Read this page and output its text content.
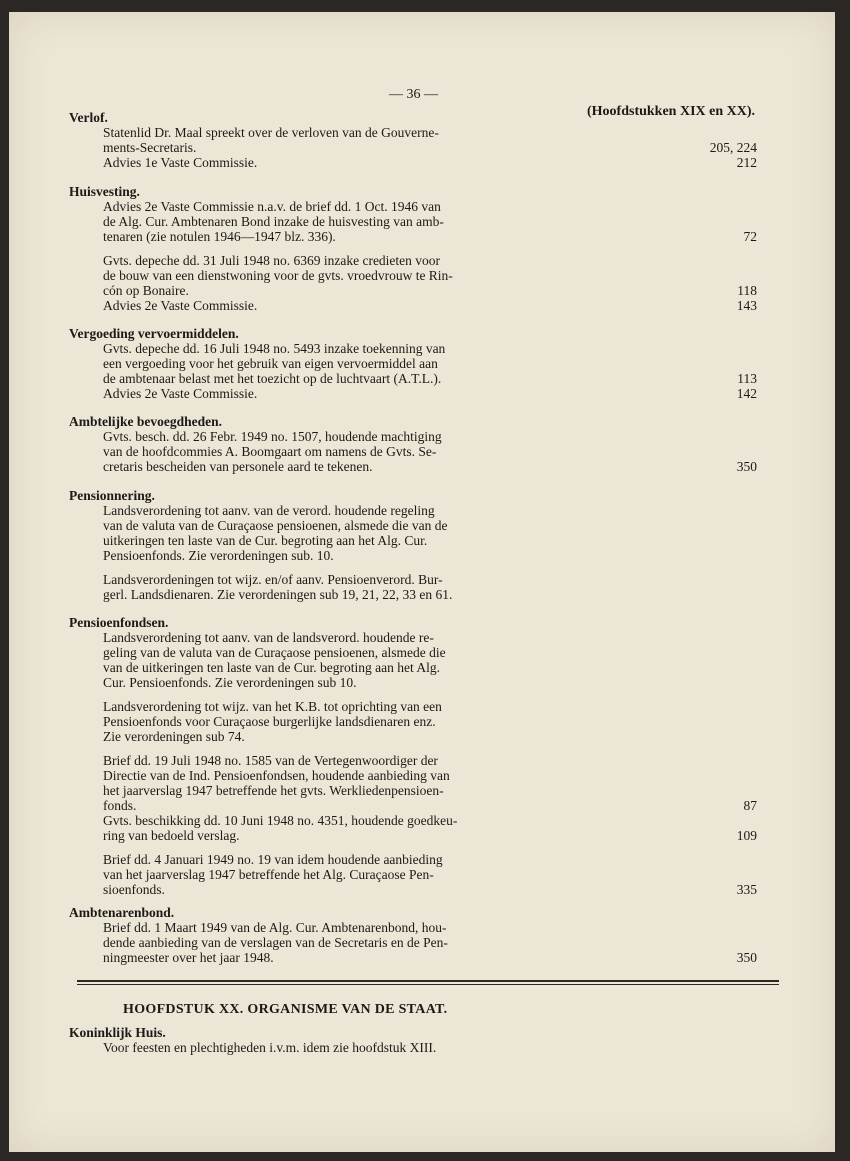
— 36 —
(Hoofdstukken XIX en XX).
Verlof.
Statenlid Dr. Maal spreekt over de verloven van de Gouverne-
ments-Secretaris.	205, 224
Advies 1e Vaste Commissie.	212
Huisvesting.
Advies 2e Vaste Commissie n.a.v. de brief dd. 1 Oct. 1946 van
de Alg. Cur. Ambtenaren Bond inzake de huisvesting van amb-
tenaren (zie notulen 1946—1947 blz. 336).	72
Gvts. depeche dd. 31 Juli 1948 no. 6369 inzake credieten voor
de bouw van een dienstwoning voor de gvts. vroedvrouw te Rin-
cón op Bonaire.	118
Advies 2e Vaste Commissie.	143
Vergoeding vervoermiddelen.
Gvts. depeche dd. 16 Juli 1948 no. 5493 inzake toekenning van
een vergoeding voor het gebruik van eigen vervoermiddel aan
de ambtenaar belast met het toezicht op de luchtvaart (A.T.L.).	113
Advies 2e Vaste Commissie.	142
Ambtelijke bevoegdheden.
Gvts. besch. dd. 26 Febr. 1949 no. 1507, houdende machtiging
van de hoofdcommies A. Boomgaart om namens de Gvts. Se-
cretaris bescheiden van personele aard te tekenen.	350
Pensionnering.
Landsverordening tot aanv. van de verord. houdende regeling
van de valuta van de Curaçaose pensioenen, alsmede die van de
uitkeringen ten laste van de Cur. begroting aan het Alg. Cur.
Pensioenfonds. Zie verordeningen sub. 10.
Landsverordeningen tot wijz. en/of aanv. Pensioenverord. Bur-
gerl. Landsdienaren. Zie verordeningen sub 19, 21, 22, 33 en 61.
Pensioenfondsen.
Landsverordening tot aanv. van de landsverord. houdende re-
geling van de valuta van de Curaçaose pensioenen, alsmede die
van de uitkeringen ten laste van de Cur. begroting aan het Alg.
Cur. Pensioenfonds. Zie verordeningen sub 10.
Landsverordening tot wijz. van het K.B. tot oprichting van een
Pensioenfonds voor Curaçaose burgerlijke landsdienaren enz.
Zie verordeningen sub 74.
Brief dd. 19 Juli 1948 no. 1585 van de Vertegenwoordiger der
Directie van de Ind. Pensioenfondsen, houdende aanbieding van
het jaarverslag 1947 betreffende het gvts. Werkliedenpensioen-
fonds.	87
Gvts. beschikking dd. 10 Juni 1948 no. 4351, houdende goedkeu-
ring van bedoeld verslag.	109
Brief dd. 4 Januari 1949 no. 19 van idem houdende aanbieding
van het jaarverslag 1947 betreffende het Alg. Curaçaose Pen-
sioenfonds.	335
Ambtenarenbond.
Brief dd. 1 Maart 1949 van de Alg. Cur. Ambtenarenbond, hou-
dende aanbieding van de verslagen van de Secretaris en de Pen-
ningmeester over het jaar 1948.	350
HOOFDSTUK XX. ORGANISME VAN DE STAAT.
Koninklijk Huis.
Voor feesten en plechtigheden i.v.m. idem zie hoofdstuk XIII.
